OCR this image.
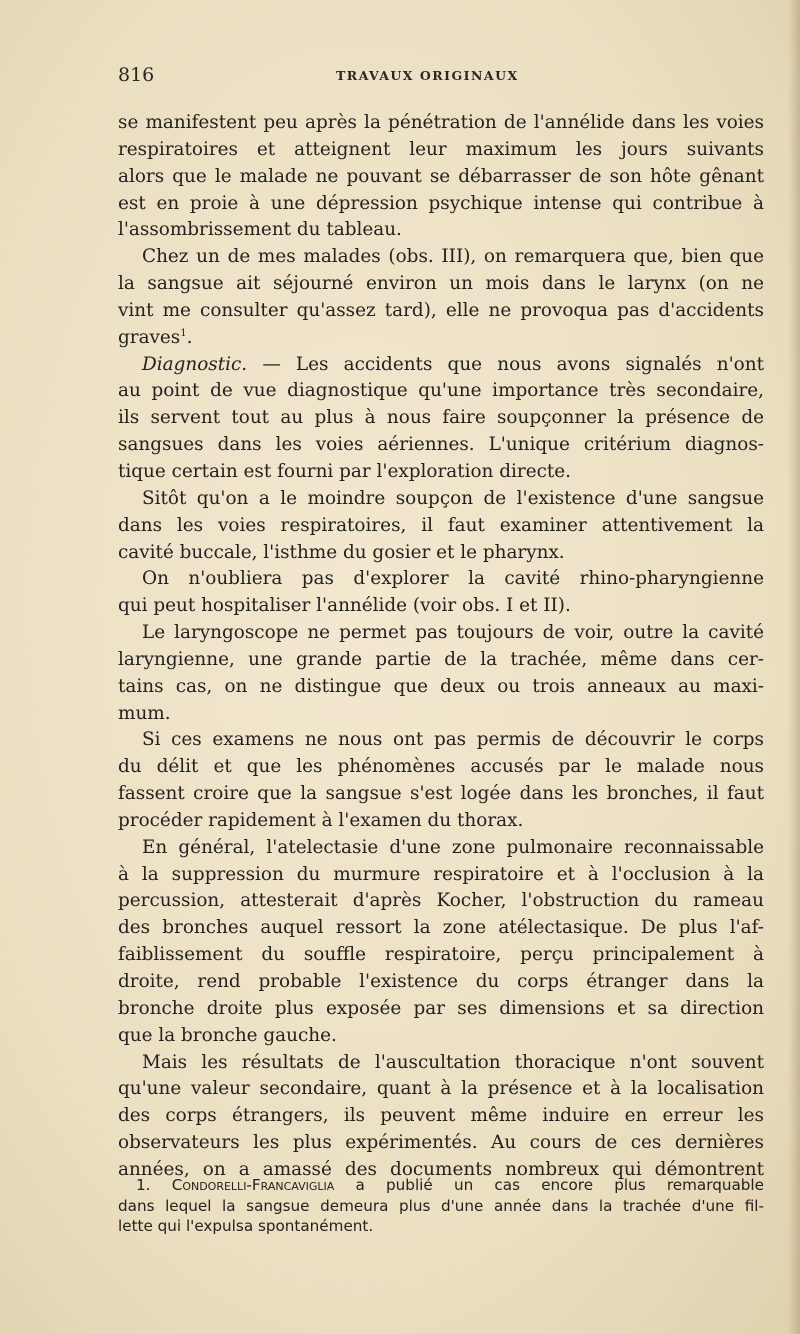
816	TRAVAUX ORIGINAUX
se manifestent peu après la pénétration de l'annélide dans les voies
respiratoires et atteignent leur maximum les jours suivants
alors que le malade ne pouvant se débarrasser de son hôte gênant
est en proie à une dépression psychique intense qui contribue à
l'assombrissement du tableau.
Chez un de mes malades (obs. III), on remarquera que, bien que
la sangsue ait séjourné environ un mois dans le larynx (on ne
vint me consulter qu'assez tard), elle ne provoqua pas d'accidents
graves$^1$.
Diagnostic. — Les accidents que nous avons signalés n'ont
au point de vue diagnostique qu'une importance très secondaire,
ils servent tout au plus à nous faire soupçonner la présence de
sangsues dans les voies aériennes. L'unique critérium diagnos-
tique certain est fourni par l'exploration directe.
Sitôt qu'on a le moindre soupçon de l'existence d'une sangsue
dans les voies respiratoires, il faut examiner attentivement la
cavité buccale, l'isthme du gosier et le pharynx.
On n'oubliera pas d'explorer la cavité rhino-pharyngienne
qui peut hospitaliser l'annélide (voir obs. I et II).
Le laryngoscope ne permet pas toujours de voir, outre la cavité
laryngienne, une grande partie de la trachée, même dans cer-
tains cas, on ne distingue que deux ou trois anneaux au maxi-
mum.
Si ces examens ne nous ont pas permis de découvrir le corps
du délit et que les phénomènes accusés par le malade nous
fassent croire que la sangsue s'est logée dans les bronches, il faut
procéder rapidement à l'examen du thorax.
En général, l'atelectasie d'une zone pulmonaire reconnaissable
à la suppression du murmure respiratoire et à l'occlusion à la
percussion, attesterait d'après Kocher, l'obstruction du rameau
des bronches auquel ressort la zone atélectasique. De plus l'af-
faiblissement du souffle respiratoire, perçu principalement à
droite, rend probable l'existence du corps étranger dans la
bronche droite plus exposée par ses dimensions et sa direction
que la bronche gauche.
Mais les résultats de l'auscultation thoracique n'ont souvent
qu'une valeur secondaire, quant à la présence et à la localisation
des corps étrangers, ils peuvent même induire en erreur les
observateurs les plus expérimentés. Au cours de ces dernières
années, on a amassé des documents nombreux qui démontrent
1. Condorelli-Francaviglia a publié un cas encore plus remarquable
dans lequel la sangsue demeura plus d'une année dans la trachée d'une fil-
lette qui l'expulsa spontanément.
